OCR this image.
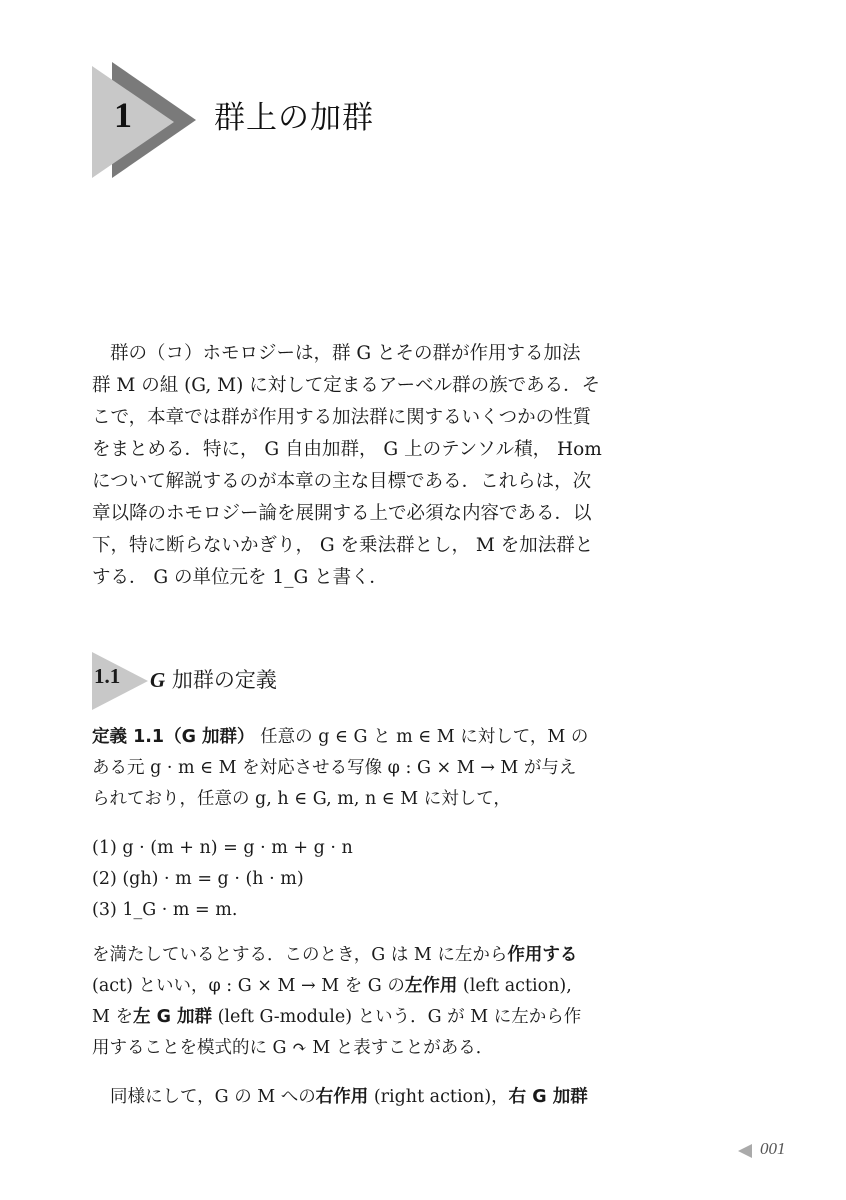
1	群上の加群
群の（コ）ホモロジーは，群 G とその群が作用する加法
群 M の組 (G, M) に対して定まるアーベル群の族である．そ
こで，本章では群が作用する加法群に関するいくつかの性質
をまとめる．特に， G 自由加群， G 上のテンソル積， Hom
について解説するのが本章の主な目標である．これらは，次
章以降のホモロジー論を展開する上で必須な内容である．以
下，特に断らないかぎり， G を乗法群とし， M を加法群と
する． G の単位元を 1_G と書く．
1.1 G 加群の定義
定義 1.1（G 加群） 任意の g ∈ G と m ∈ M に対して，M の
ある元 g · m ∈ M を対応させる写像 φ : G × M → M が与え
られており，任意の g, h ∈ G, m, n ∈ M に対して，
(1) g · (m + n) = g · m + g · n
(2) (gh) · m = g · (h · m)
(3) 1_G · m = m.
を満たしているとする．このとき，G は M に左から作用する
(act) といい，φ : G × M → M を G の左作用 (left action),
M を左 G 加群 (left G-module) という．G が M に左から作
用することを模式的に G ↷ M と表すことがある．
同様にして，G の M への右作用 (right action)，右 G 加群
001
